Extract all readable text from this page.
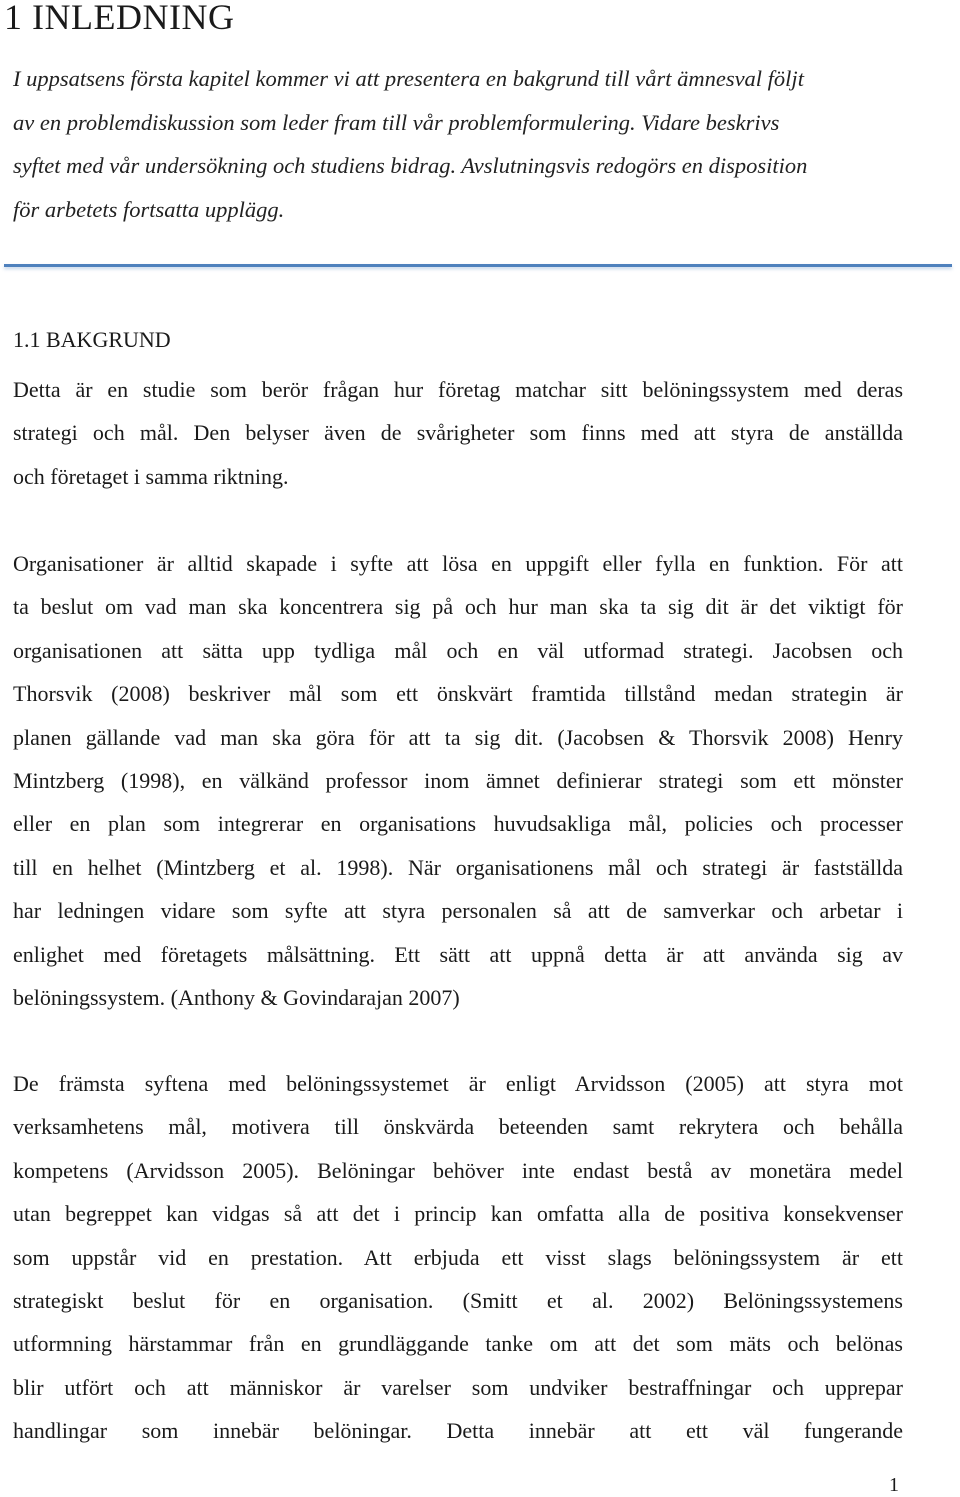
1 INLEDNING

I uppsatsens första kapitel kommer vi att presentera en bakgrund till vårt ämnesval följt
av en problemdiskussion som leder fram till vår problemformulering. Vidare beskrivs
syftet med vår undersökning och studiens bidrag. Avslutningsvis redogörs en disposition
för arbetets fortsatta upplägg.

1.1 BAKGRUND

Detta är en studie som berör frågan hur företag matchar sitt belöningssystem med deras
strategi och mål. Den belyser även de svårigheter som finns med att styra de anställda
och företaget i samma riktning.

Organisationer är alltid skapade i syfte att lösa en uppgift eller fylla en funktion. För att
ta beslut om vad man ska koncentrera sig på och hur man ska ta sig dit är det viktigt för
organisationen att sätta upp tydliga mål och en väl utformad strategi. Jacobsen och
Thorsvik (2008) beskriver mål som ett önskvärt framtida tillstånd medan strategin är
planen gällande vad man ska göra för att ta sig dit. (Jacobsen & Thorsvik 2008) Henry
Mintzberg (1998), en välkänd professor inom ämnet definierar strategi som ett mönster
eller en plan som integrerar en organisations huvudsakliga mål, policies och processer
till en helhet (Mintzberg et al. 1998). När organisationens mål och strategi är fastställda
har ledningen vidare som syfte att styra personalen så att de samverkar och arbetar i
enlighet med företagets målsättning. Ett sätt att uppnå detta är att använda sig av
belöningssystem. (Anthony & Govindarajan 2007)

De främsta syftena med belöningssystemet är enligt Arvidsson (2005) att styra mot
verksamhetens mål, motivera till önskvärda beteenden samt rekrytera och behålla
kompetens (Arvidsson 2005). Belöningar behöver inte endast bestå av monetära medel
utan begreppet kan vidgas så att det i princip kan omfatta alla de positiva konsekvenser
som uppstår vid en prestation. Att erbjuda ett visst slags belöningssystem är ett
strategiskt beslut för en organisation. (Smitt et al. 2002) Belöningssystemens
utformning härstammar från en grundläggande tanke om att det som mäts och belönas
blir utfört och att människor är varelser som undviker bestraffningar och upprepar
handlingar som innebär belöningar. Detta innebär att ett väl fungerande

1
